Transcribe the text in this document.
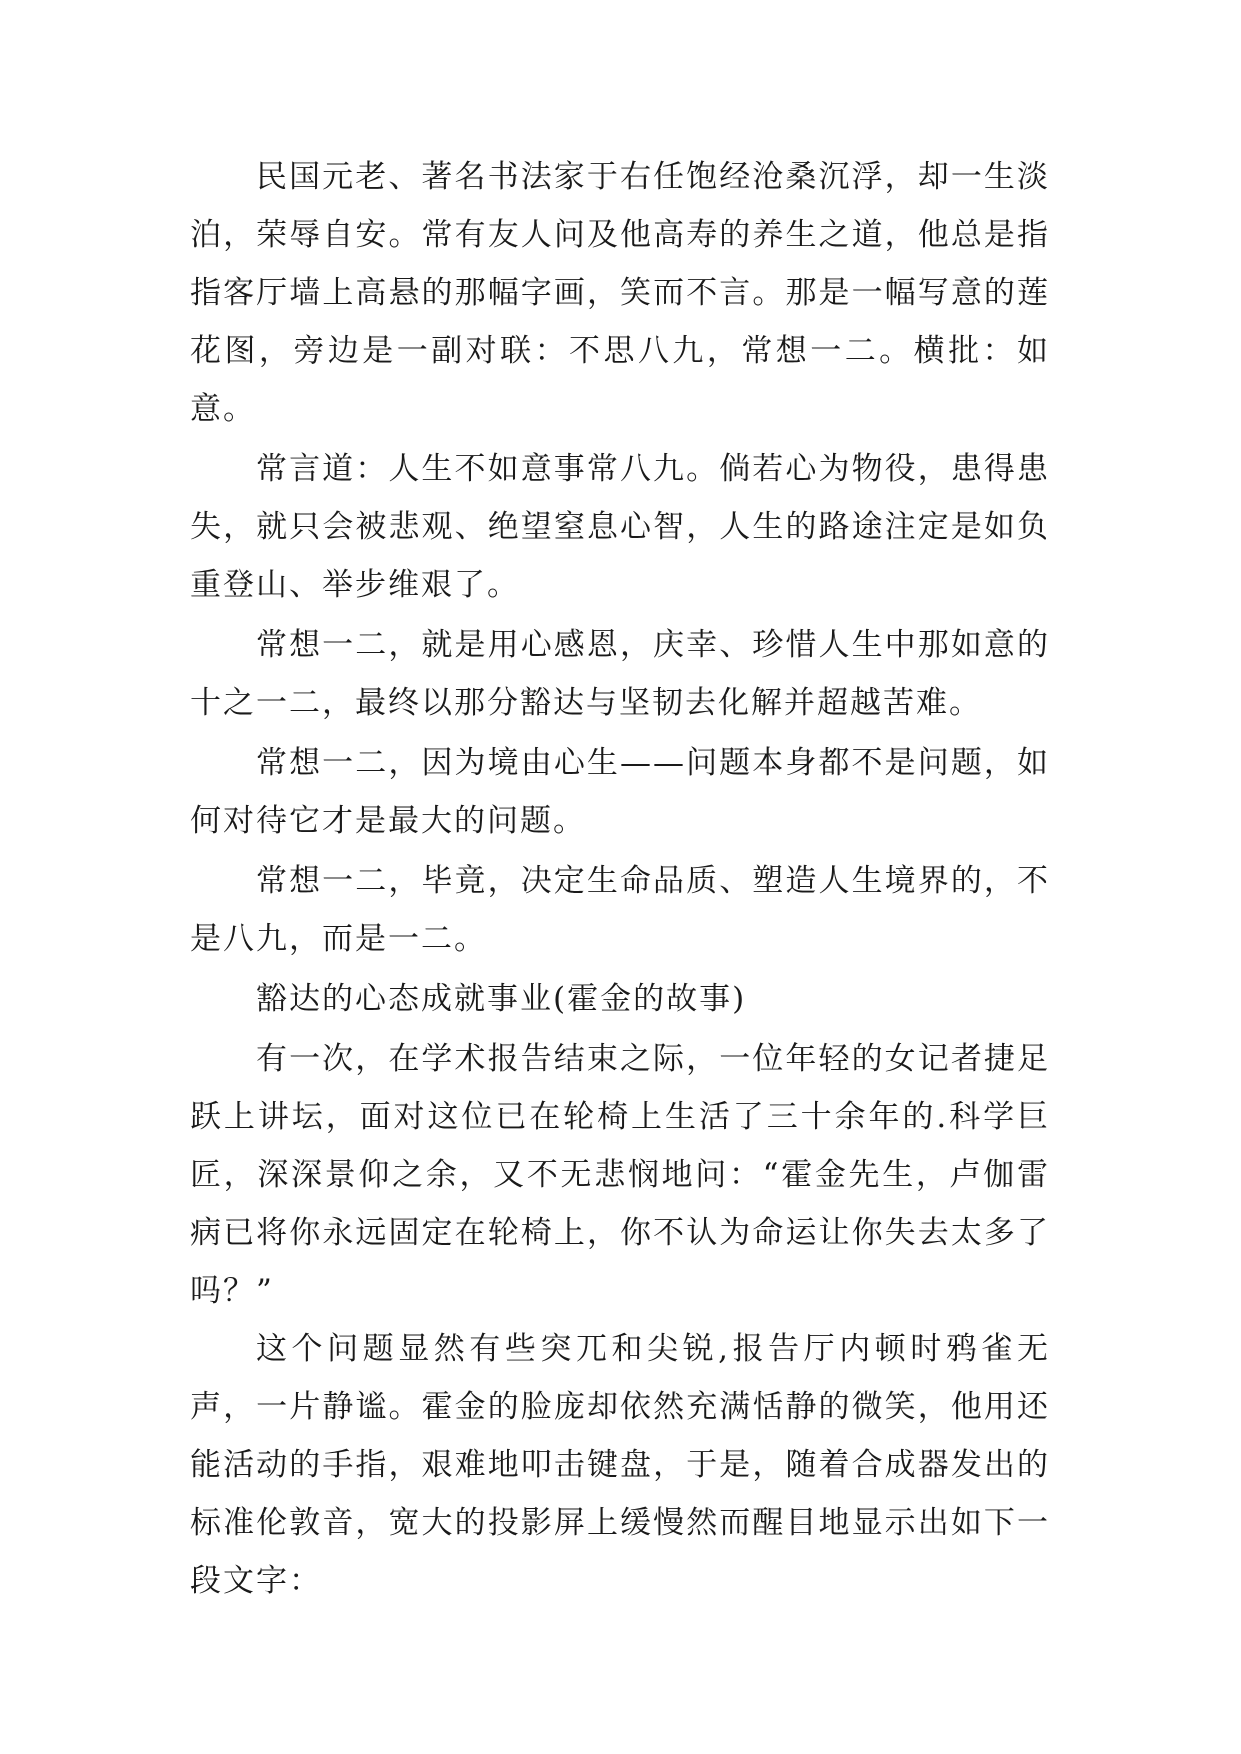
民国元老、著名书法家于右任饱经沧桑沉浮，却一生淡泊，荣辱自安。常有友人问及他高寿的养生之道，他总是指指客厅墙上高悬的那幅字画，笑而不言。那是一幅写意的莲花图，旁边是一副对联：不思八九，常想一二。横批：如意。

常言道：人生不如意事常八九。倘若心为物役，患得患失，就只会被悲观、绝望窒息心智，人生的路途注定是如负重登山、举步维艰了。

常想一二，就是用心感恩，庆幸、珍惜人生中那如意的十之一二，最终以那分豁达与坚韧去化解并超越苦难。

常想一二，因为境由心生——问题本身都不是问题，如何对待它才是最大的问题。

常想一二，毕竟，决定生命品质、塑造人生境界的，不是八九，而是一二。

豁达的心态成就事业(霍金的故事)

有一次，在学术报告结束之际，一位年轻的女记者捷足跃上讲坛，面对这位已在轮椅上生活了三十余年的.科学巨匠，深深景仰之余，又不无悲悯地问：“霍金先生，卢伽雷病已将你永远固定在轮椅上，你不认为命运让你失去太多了吗？”

这个问题显然有些突兀和尖锐,报告厅内顿时鸦雀无声，一片静谧。霍金的脸庞却依然充满恬静的微笑，他用还能活动的手指，艰难地叩击键盘，于是，随着合成器发出的标准伦敦音，宽大的投影屏上缓慢然而醒目地显示出如下一段文字：
